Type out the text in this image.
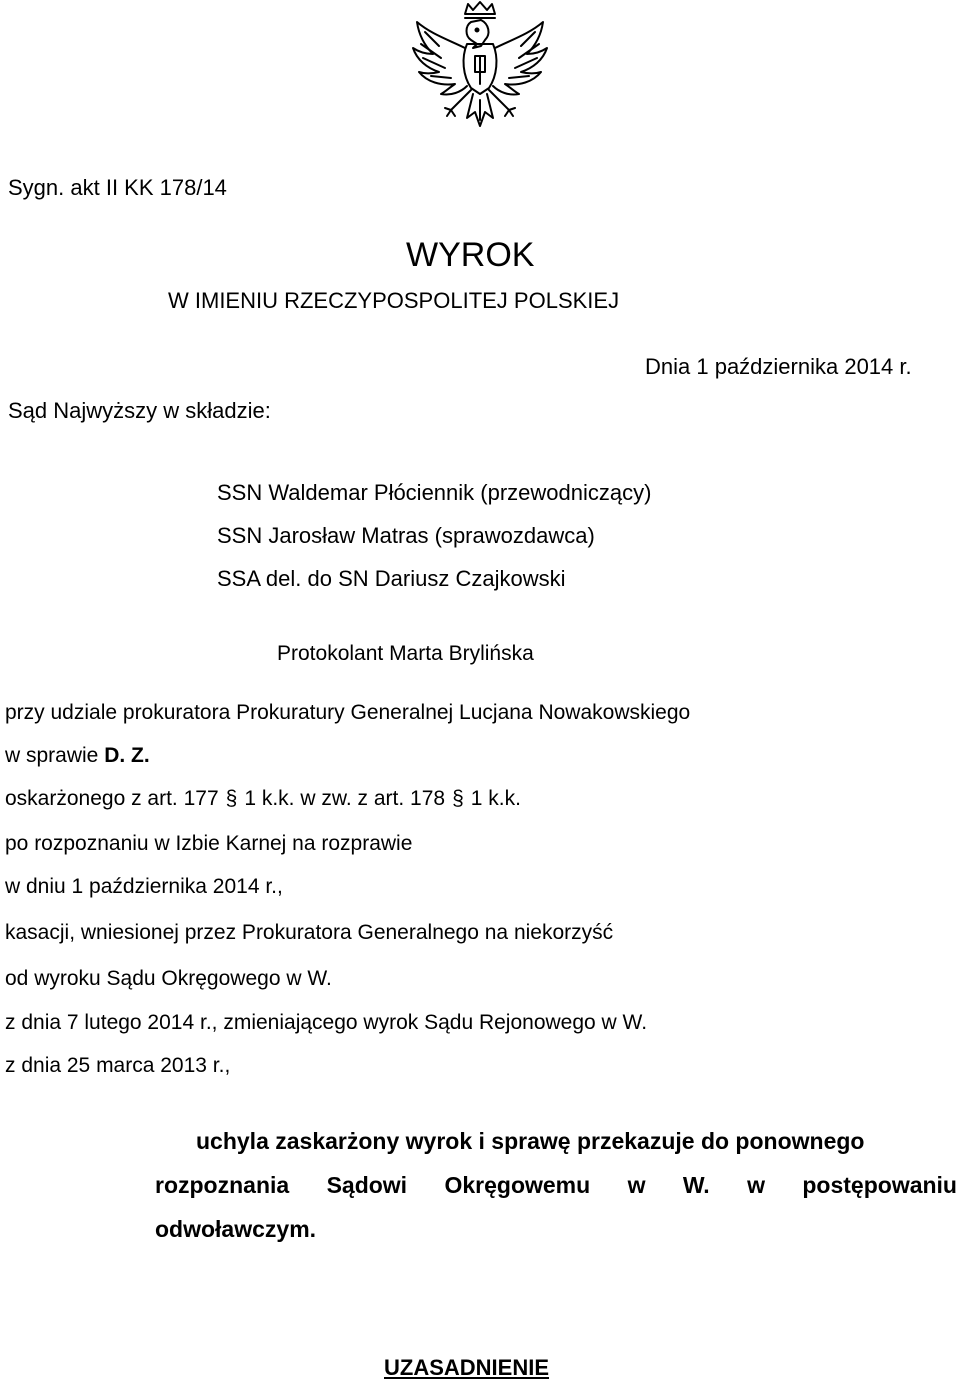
Sygn. akt II KK 178/14
WYROK
W IMIENIU RZECZYPOSPOLITEJ POLSKIEJ
Dnia 1 października 2014 r.
Sąd Najwyższy w składzie:
SSN Waldemar Płóciennik (przewodniczący)
SSN Jarosław Matras (sprawozdawca)
SSA del. do SN Dariusz Czajkowski
Protokolant Marta Brylińska
przy udziale prokuratora Prokuratury Generalnej Lucjana Nowakowskiego
w sprawie D. Z.
oskarżonego z art. 177 § 1 k.k. w zw. z art. 178 § 1 k.k.
po rozpoznaniu w Izbie Karnej na rozprawie
w dniu 1 października 2014 r.,
kasacji, wniesionej przez Prokuratora Generalnego na niekorzyść
od wyroku Sądu Okręgowego w W.
z dnia 7 lutego 2014 r., zmieniającego wyrok Sądu Rejonowego w W.
z dnia 25 marca 2013 r.,
uchyla zaskarżony wyrok i sprawę przekazuje do ponownego
rozpoznania Sądowi Okręgowemu w W. w postępowaniu
odwoławczym.
UZASADNIENIE
